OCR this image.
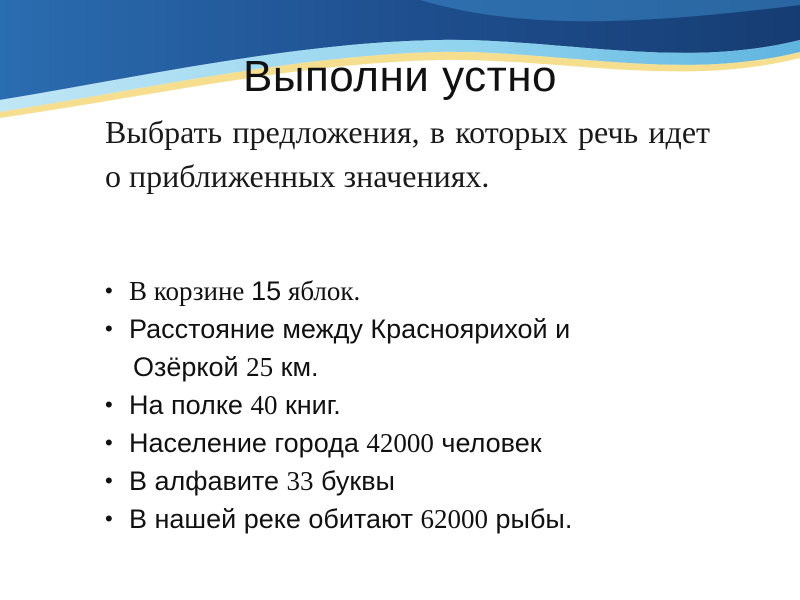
Выполни устно

Выбрать предложения, в которых речь идет о приближенных значениях.

• В корзине 15 яблок.
• Расстояние между Красноярихой и
Озёркой 25 км.
• На полке 40 книг.
• Население города 42000 человек
• В алфавите 33 буквы
• В нашей реке обитают 62000 рыбы.
